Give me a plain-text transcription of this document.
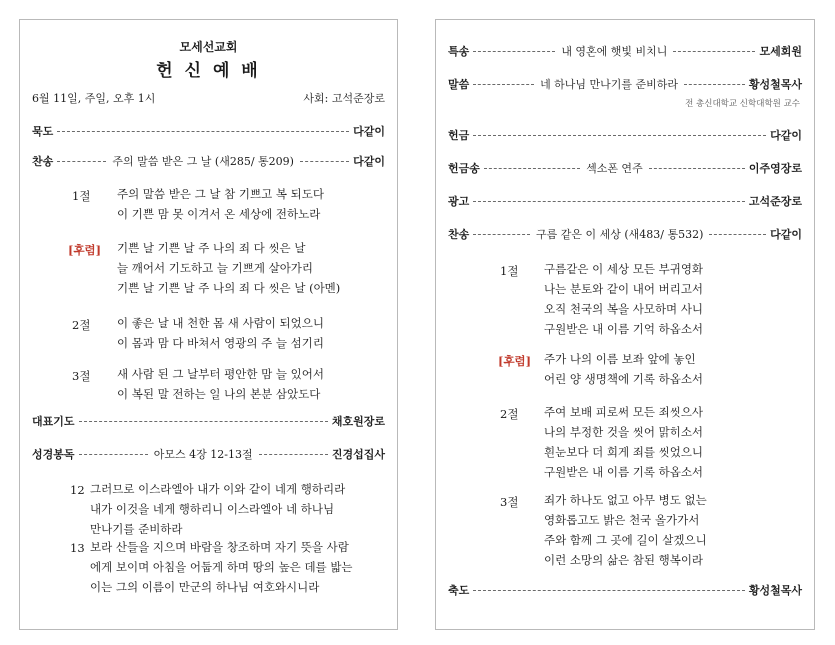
모세선교회
헌 신 예 배
6월 11일, 주일, 오후 1시	사회: 고석준장로
묵도	다같이
찬송	주의 말씀 받은 그 날 (새285/ 통209)	다같이
1절 주의 말씀 받은 그 날 참 기쁘고 복 되도다
이 기쁜 맘 못 이겨서 온 세상에 전하노라
[후렴] 기쁜 날 기쁜 날 주 나의 죄 다 씻은 날
늘 깨어서 기도하고 늘 기쁘게 살아가리
기쁜 날 기쁜 날 주 나의 죄 다 씻은 날 (아멘)
2절 이 좋은 날 내 천한 몸 새 사람이 되었으니
이 몸과 맘 다 바쳐서 영광의 주 늘 섬기리
3절 새 사람 된 그 날부터 평안한 맘 늘 있어서
이 복된 말 전하는 일 나의 본분 삼았도다
대표기도	채호원장로
성경봉독	아모스 4장 12-13절	진경섭집사
12 그러므로 이스라엘아 내가 이와 같이 네게 행하리라
내가 이것을 네게 행하리니 이스라엘아 네 하나님
만나기를 준비하라
13 보라 산들을 지으며 바람을 창조하며 자기 뜻을 사람
에게 보이며 아침을 어둡게 하며 땅의 높은 데를 밟는
이는 그의 이름이 만군의 하나님 여호와시니라
특송	내 영혼에 햇빛 비치니	모세회원
말씀	네 하나님 만나기를 준비하라	황성철목사
전 총신대학교 신학대학원 교수
헌금	다같이
헌금송	섹소폰 연주	이주영장로
광고	고석준장로
찬송	구름 같은 이 세상 (새483/ 통532)	다같이
1절 구름같은 이 세상 모든 부귀영화
나는 분토와 같이 내어 버리고서
오직 천국의 복을 사모하며 사니
구원받은 내 이름 기억 하옵소서
[후렴] 주가 나의 이름 보좌 앞에 놓인
어린 양 생명책에 기록 하옵소서
2절 주여 보배 피로써 모든 죄씻으사
나의 부정한 것을 씻어 맑히소서
흰눈보다 더 희게 죄를 씻었으니
구원받은 내 이름 기록 하옵소서
3절 죄가 하나도 없고 아무 병도 없는
영화롭고도 밝은 천국 올가가서
주와 함께 그 곳에 길이 살겠으니
이런 소망의 삶은 참된 행복이라
축도	황성철목사
